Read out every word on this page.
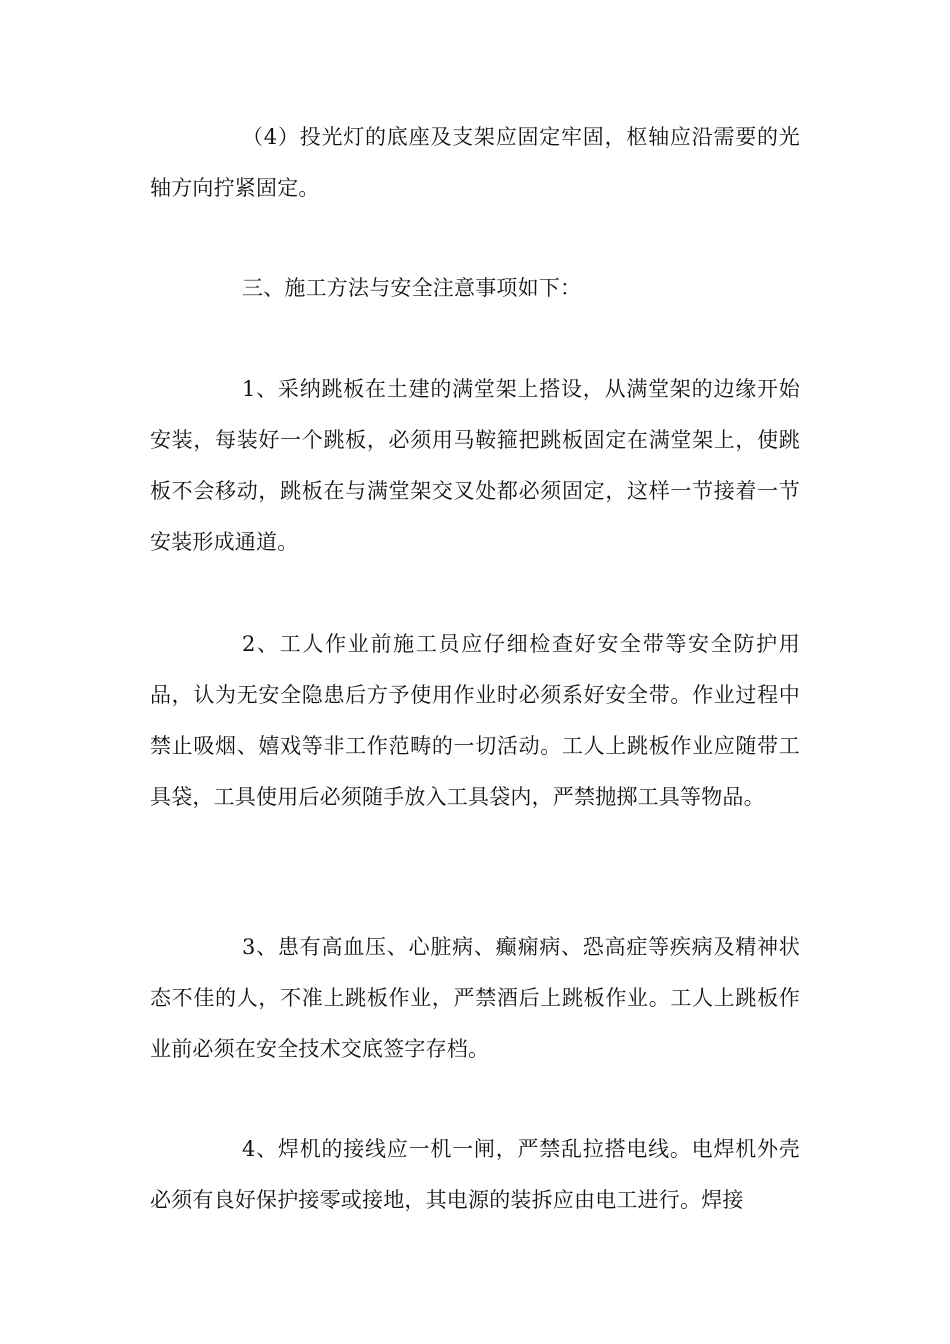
（4）投光灯的底座及支架应固定牢固，枢轴应沿需要的光轴方向拧紧固定。

三、施工方法与安全注意事项如下：

1、采纳跳板在土建的满堂架上搭设，从满堂架的边缘开始安装，每装好一个跳板，必须用马鞍箍把跳板固定在满堂架上，使跳板不会移动，跳板在与满堂架交叉处都必须固定，这样一节接着一节安装形成通道。

2、工人作业前施工员应仔细检查好安全带等安全防护用品，认为无安全隐患后方予使用作业时必须系好安全带。作业过程中禁止吸烟、嬉戏等非工作范畴的一切活动。工人上跳板作业应随带工具袋，工具使用后必须随手放入工具袋内，严禁抛掷工具等物品。

3、患有高血压、心脏病、癫痫病、恐高症等疾病及精神状态不佳的人，不准上跳板作业，严禁酒后上跳板作业。工人上跳板作业前必须在安全技术交底签字存档。

4、焊机的接线应一机一闸，严禁乱拉搭电线。电焊机外壳必须有良好保护接零或接地，其电源的装拆应由电工进行。焊接
